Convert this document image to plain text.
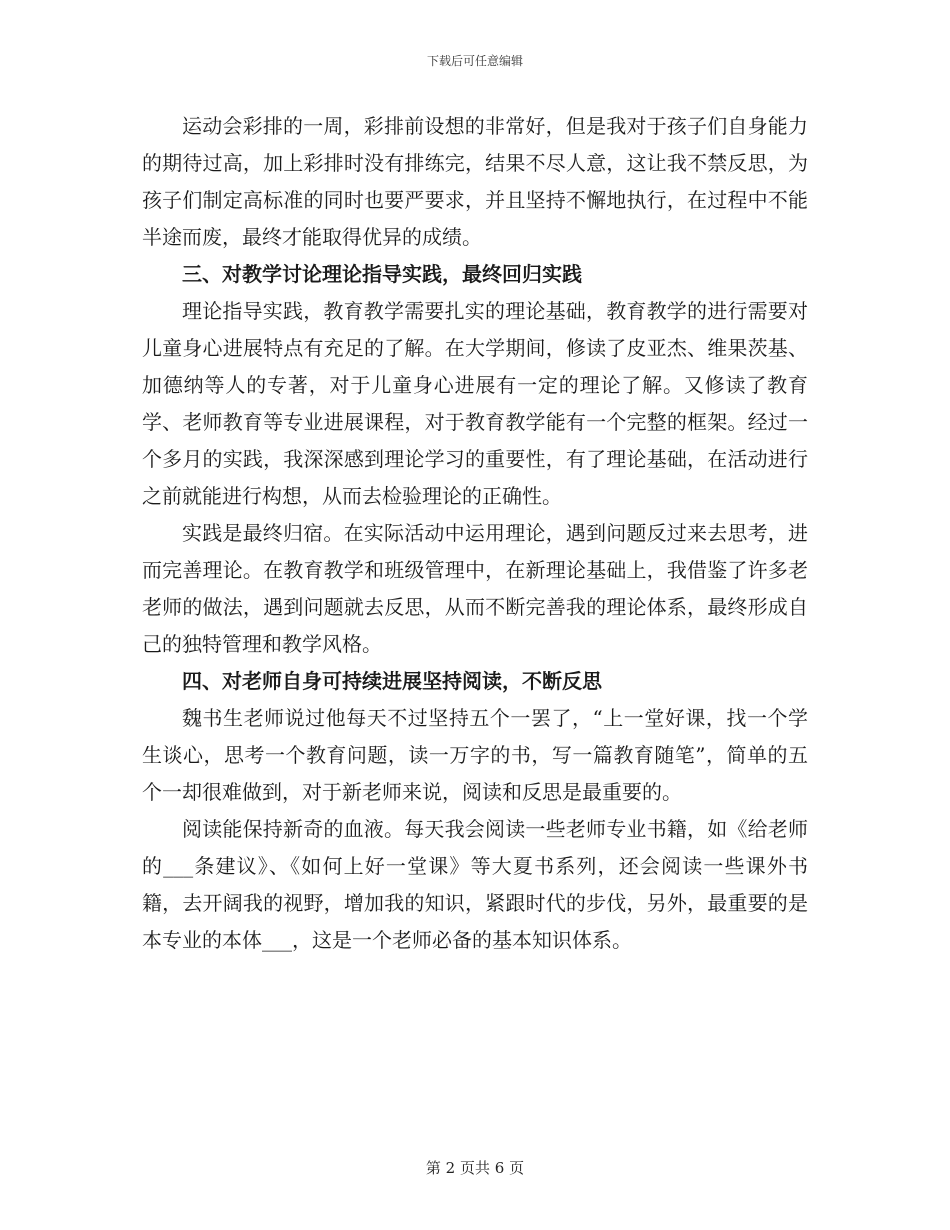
下载后可任意编辑

运动会彩排的一周，彩排前设想的非常好，但是我对于孩子们自身能力的期待过高，加上彩排时没有排练完，结果不尽人意，这让我不禁反思，为孩子们制定高标准的同时也要严要求，并且坚持不懈地执行，在过程中不能半途而废，最终才能取得优异的成绩。

三、对教学讨论理论指导实践，最终回归实践

理论指导实践，教育教学需要扎实的理论基础，教育教学的进行需要对儿童身心进展特点有充足的了解。在大学期间，修读了皮亚杰、维果茨基、加德纳等人的专著，对于儿童身心进展有一定的理论了解。又修读了教育学、老师教育等专业进展课程，对于教育教学能有一个完整的框架。经过一个多月的实践，我深深感到理论学习的重要性，有了理论基础，在活动进行之前就能进行构想，从而去检验理论的正确性。

实践是最终归宿。在实际活动中运用理论，遇到问题反过来去思考，进而完善理论。在教育教学和班级管理中，在新理论基础上，我借鉴了许多老老师的做法，遇到问题就去反思，从而不断完善我的理论体系，最终形成自己的独特管理和教学风格。

四、对老师自身可持续进展坚持阅读，不断反思

魏书生老师说过他每天不过坚持五个一罢了，“上一堂好课，找一个学生谈心，思考一个教育问题，读一万字的书，写一篇教育随笔”，简单的五个一却很难做到，对于新老师来说，阅读和反思是最重要的。

阅读能保持新奇的血液。每天我会阅读一些老师专业书籍，如《给老师的___条建议》、《如何上好一堂课》等大夏书系列，还会阅读一些课外书籍，去开阔我的视野，增加我的知识，紧跟时代的步伐，另外，最重要的是本专业的本体___，这是一个老师必备的基本知识体系。

第 2 页共 6 页
